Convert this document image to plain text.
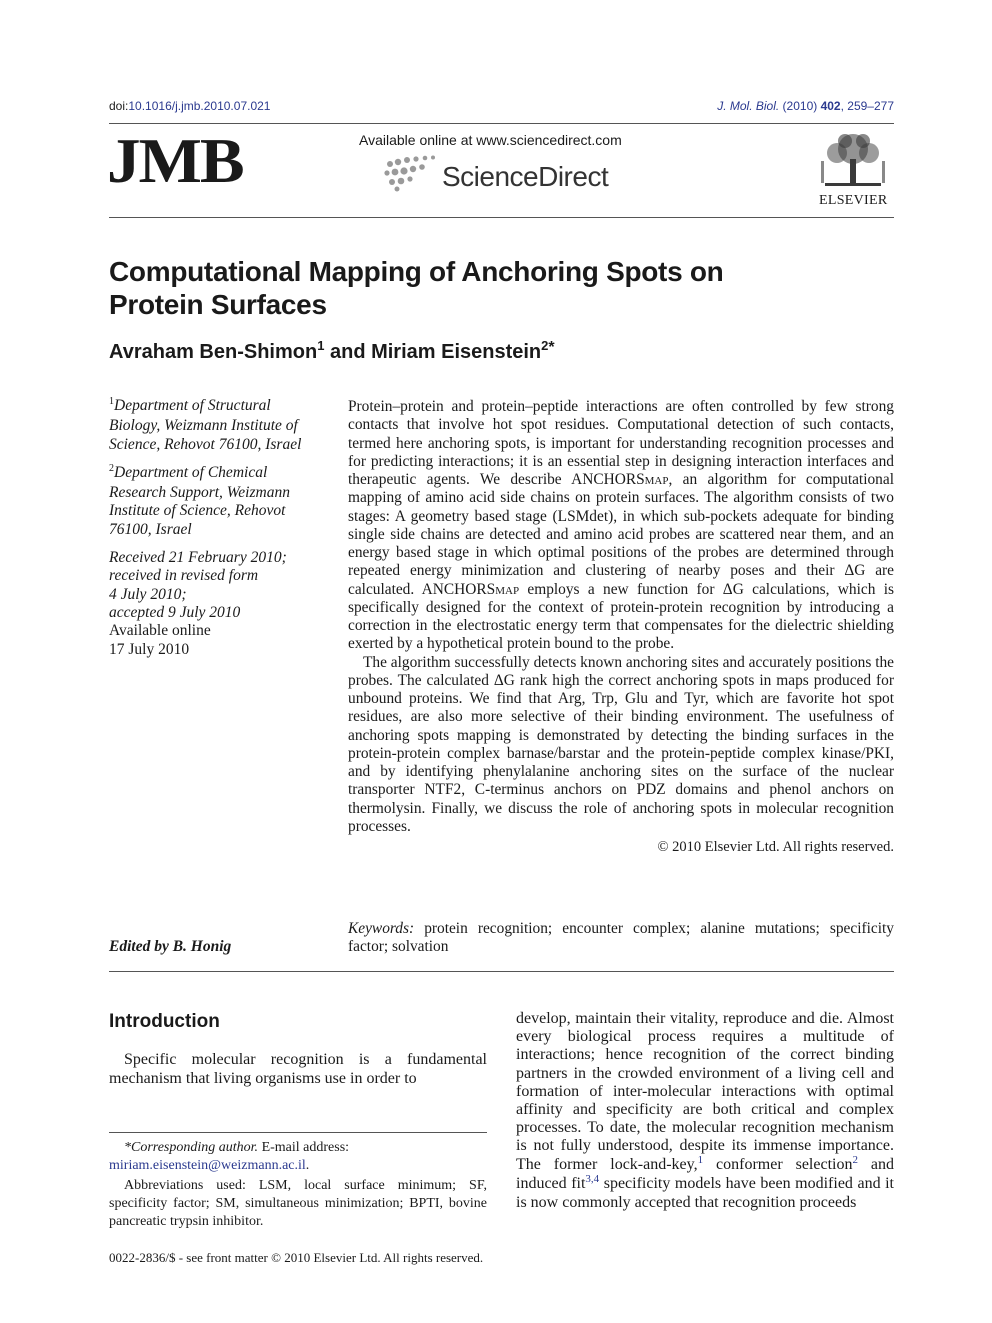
doi:10.1016/j.jmb.2010.07.021	J. Mol. Biol. (2010) 402, 259–277
JMB	Available online at www.sciencedirect.com
ScienceDirect
ELSEVIER
Computational Mapping of Anchoring Spots on
Protein Surfaces
Avraham Ben-Shimon$^1$ and Miriam Eisenstein$^{2*}$
$^1$Department of Structural
Biology, Weizmann Institute of
Science, Rehovot 76100, Israel
$^2$Department of Chemical
Research Support, Weizmann
Institute of Science, Rehovot
76100, Israel
Received 21 February 2010;
received in revised form
4 July 2010;
accepted 9 July 2010
Available online
17 July 2010
Edited by B. Honig

Protein–protein and protein–peptide interactions are often controlled by few strong contacts that involve hot spot residues. Computational detection of such contacts, termed here anchoring spots, is important for understanding recognition processes and for predicting interactions; it is an essential step in designing interaction interfaces and therapeutic agents. We describe ANCHORSmap, an algorithm for computational mapping of amino acid side chains on protein surfaces. The algorithm consists of two stages: A geometry based stage (LSMdet), in which sub-pockets adequate for binding single side chains are detected and amino acid probes are scattered near them, and an energy based stage in which optimal positions of the probes are determined through repeated energy minimization and clustering of nearby poses and their ΔG are calculated. ANCHORSmap employs a new function for ΔG calculations, which is specifically designed for the context of protein-protein recognition by introducing a correction in the electrostatic energy term that compensates for the dielectric shielding exerted by a hypothetical protein bound to the probe.

The algorithm successfully detects known anchoring sites and accurately positions the probes. The calculated ΔG rank high the correct anchoring spots in maps produced for unbound proteins. We find that Arg, Trp, Glu and Tyr, which are favorite hot spot residues, are also more selective of their binding environment. The usefulness of anchoring spots mapping is demonstrated by detecting the binding surfaces in the protein-protein complex barnase/barstar and the protein-peptide complex kinase/PKI, and by identifying phenylalanine anchoring sites on the surface of the nuclear transporter NTF2, C-terminus anchors on PDZ domains and phenol anchors on thermolysin. Finally, we discuss the role of anchoring spots in molecular recognition processes.

© 2010 Elsevier Ltd. All rights reserved.

Keywords: protein recognition; encounter complex; alanine mutations; specificity factor; solvation
Introduction
Specific molecular recognition is a fundamental mechanism that living organisms use in order to
develop, maintain their vitality, reproduce and die. Almost every biological process requires a multitude of interactions; hence recognition of the correct binding partners in the crowded environment of a living cell and formation of inter-molecular interactions with optimal affinity and specificity are both critical and complex processes. To date, the molecular recognition mechanism is not fully understood, despite its immense importance. The former lock-and-key,$^1$ conformer selection$^2$ and induced fit$^{3,4}$ specificity models have been modified and it is now commonly accepted that recognition proceeds
*Corresponding author. E-mail address:
miriam.eisenstein@weizmann.ac.il.
Abbreviations used: LSM, local surface minimum; SF, specificity factor; SM, simultaneous minimization; BPTI, bovine pancreatic trypsin inhibitor.
0022-2836/$ - see front matter © 2010 Elsevier Ltd. All rights reserved.
